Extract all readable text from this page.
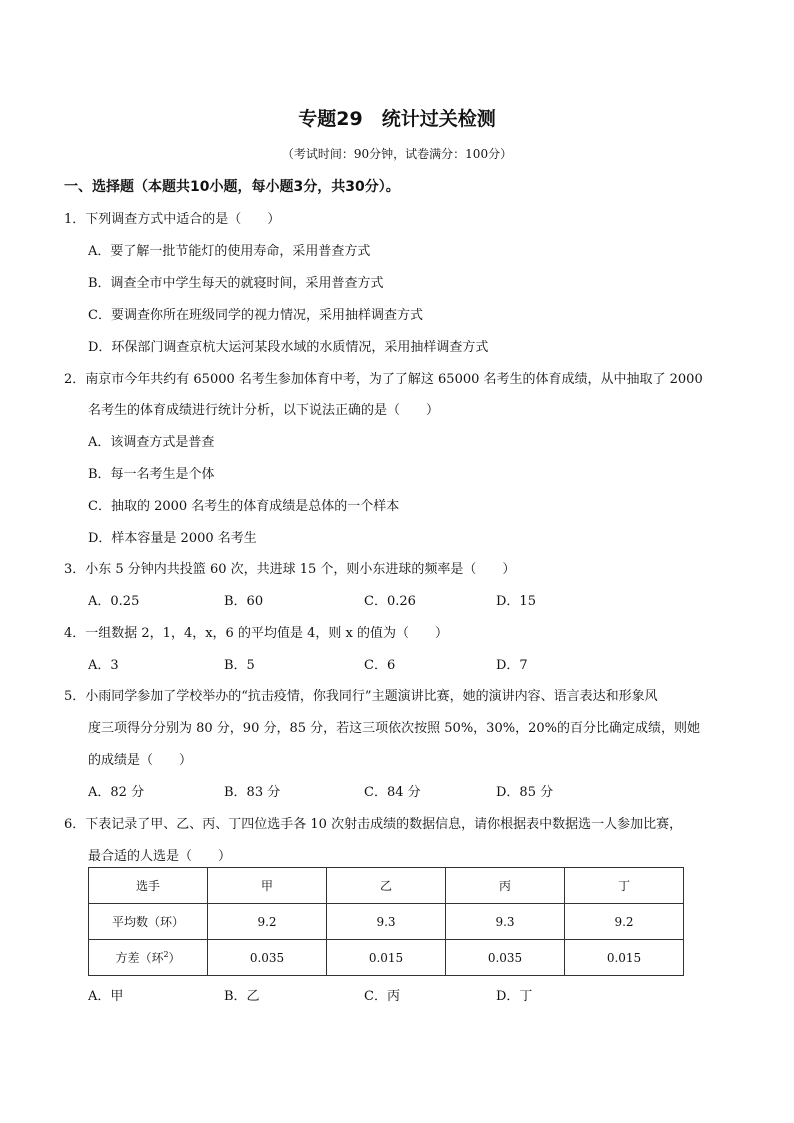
专题29　统计过关检测
（考试时间：90分钟，试卷满分：100分）
一、选择题（本题共10小题，每小题3分，共30分）。
1．下列调查方式中适合的是（　　）
A．要了解一批节能灯的使用寿命，采用普查方式
B．调查全市中学生每天的就寝时间，采用普查方式
C．要调查你所在班级同学的视力情况，采用抽样调查方式
D．环保部门调查京杭大运河某段水域的水质情况，采用抽样调查方式
2．南京市今年共约有 65000 名考生参加体育中考，为了了解这 65000 名考生的体育成绩，从中抽取了 2000
名考生的体育成绩进行统计分析，以下说法正确的是（　　）
A．该调查方式是普查
B．每一名考生是个体
C．抽取的 2000 名考生的体育成绩是总体的一个样本
D．样本容量是 2000 名考生
3．小东 5 分钟内共投篮 60 次，共进球 15 个，则小东进球的频率是（　　）
A．0.25	B．60	C．0.26	D．15
4．一组数据 2，1，4，x，6 的平均值是 4，则 x 的值为（　　）
A．3	B．5	C．6	D．7
5．小雨同学参加了学校举办的“抗击疫情，你我同行”主题演讲比赛，她的演讲内容、语言表达和形象风
度三项得分分别为 80 分，90 分，85 分，若这三项依次按照 50%，30%，20%的百分比确定成绩，则她
的成绩是（　　）
A．82 分	B．83 分	C．84 分	D．85 分
6．下表记录了甲、乙、丙、丁四位选手各 10 次射击成绩的数据信息，请你根据表中数据选一人参加比赛，
最合适的人选是（　　）
选手	甲	乙	丙	丁
平均数（环）	9.2	9.3	9.3	9.2
方差（环$^2$）	0.035	0.015	0.035	0.015
A．甲	B．乙	C．丙	D．丁
